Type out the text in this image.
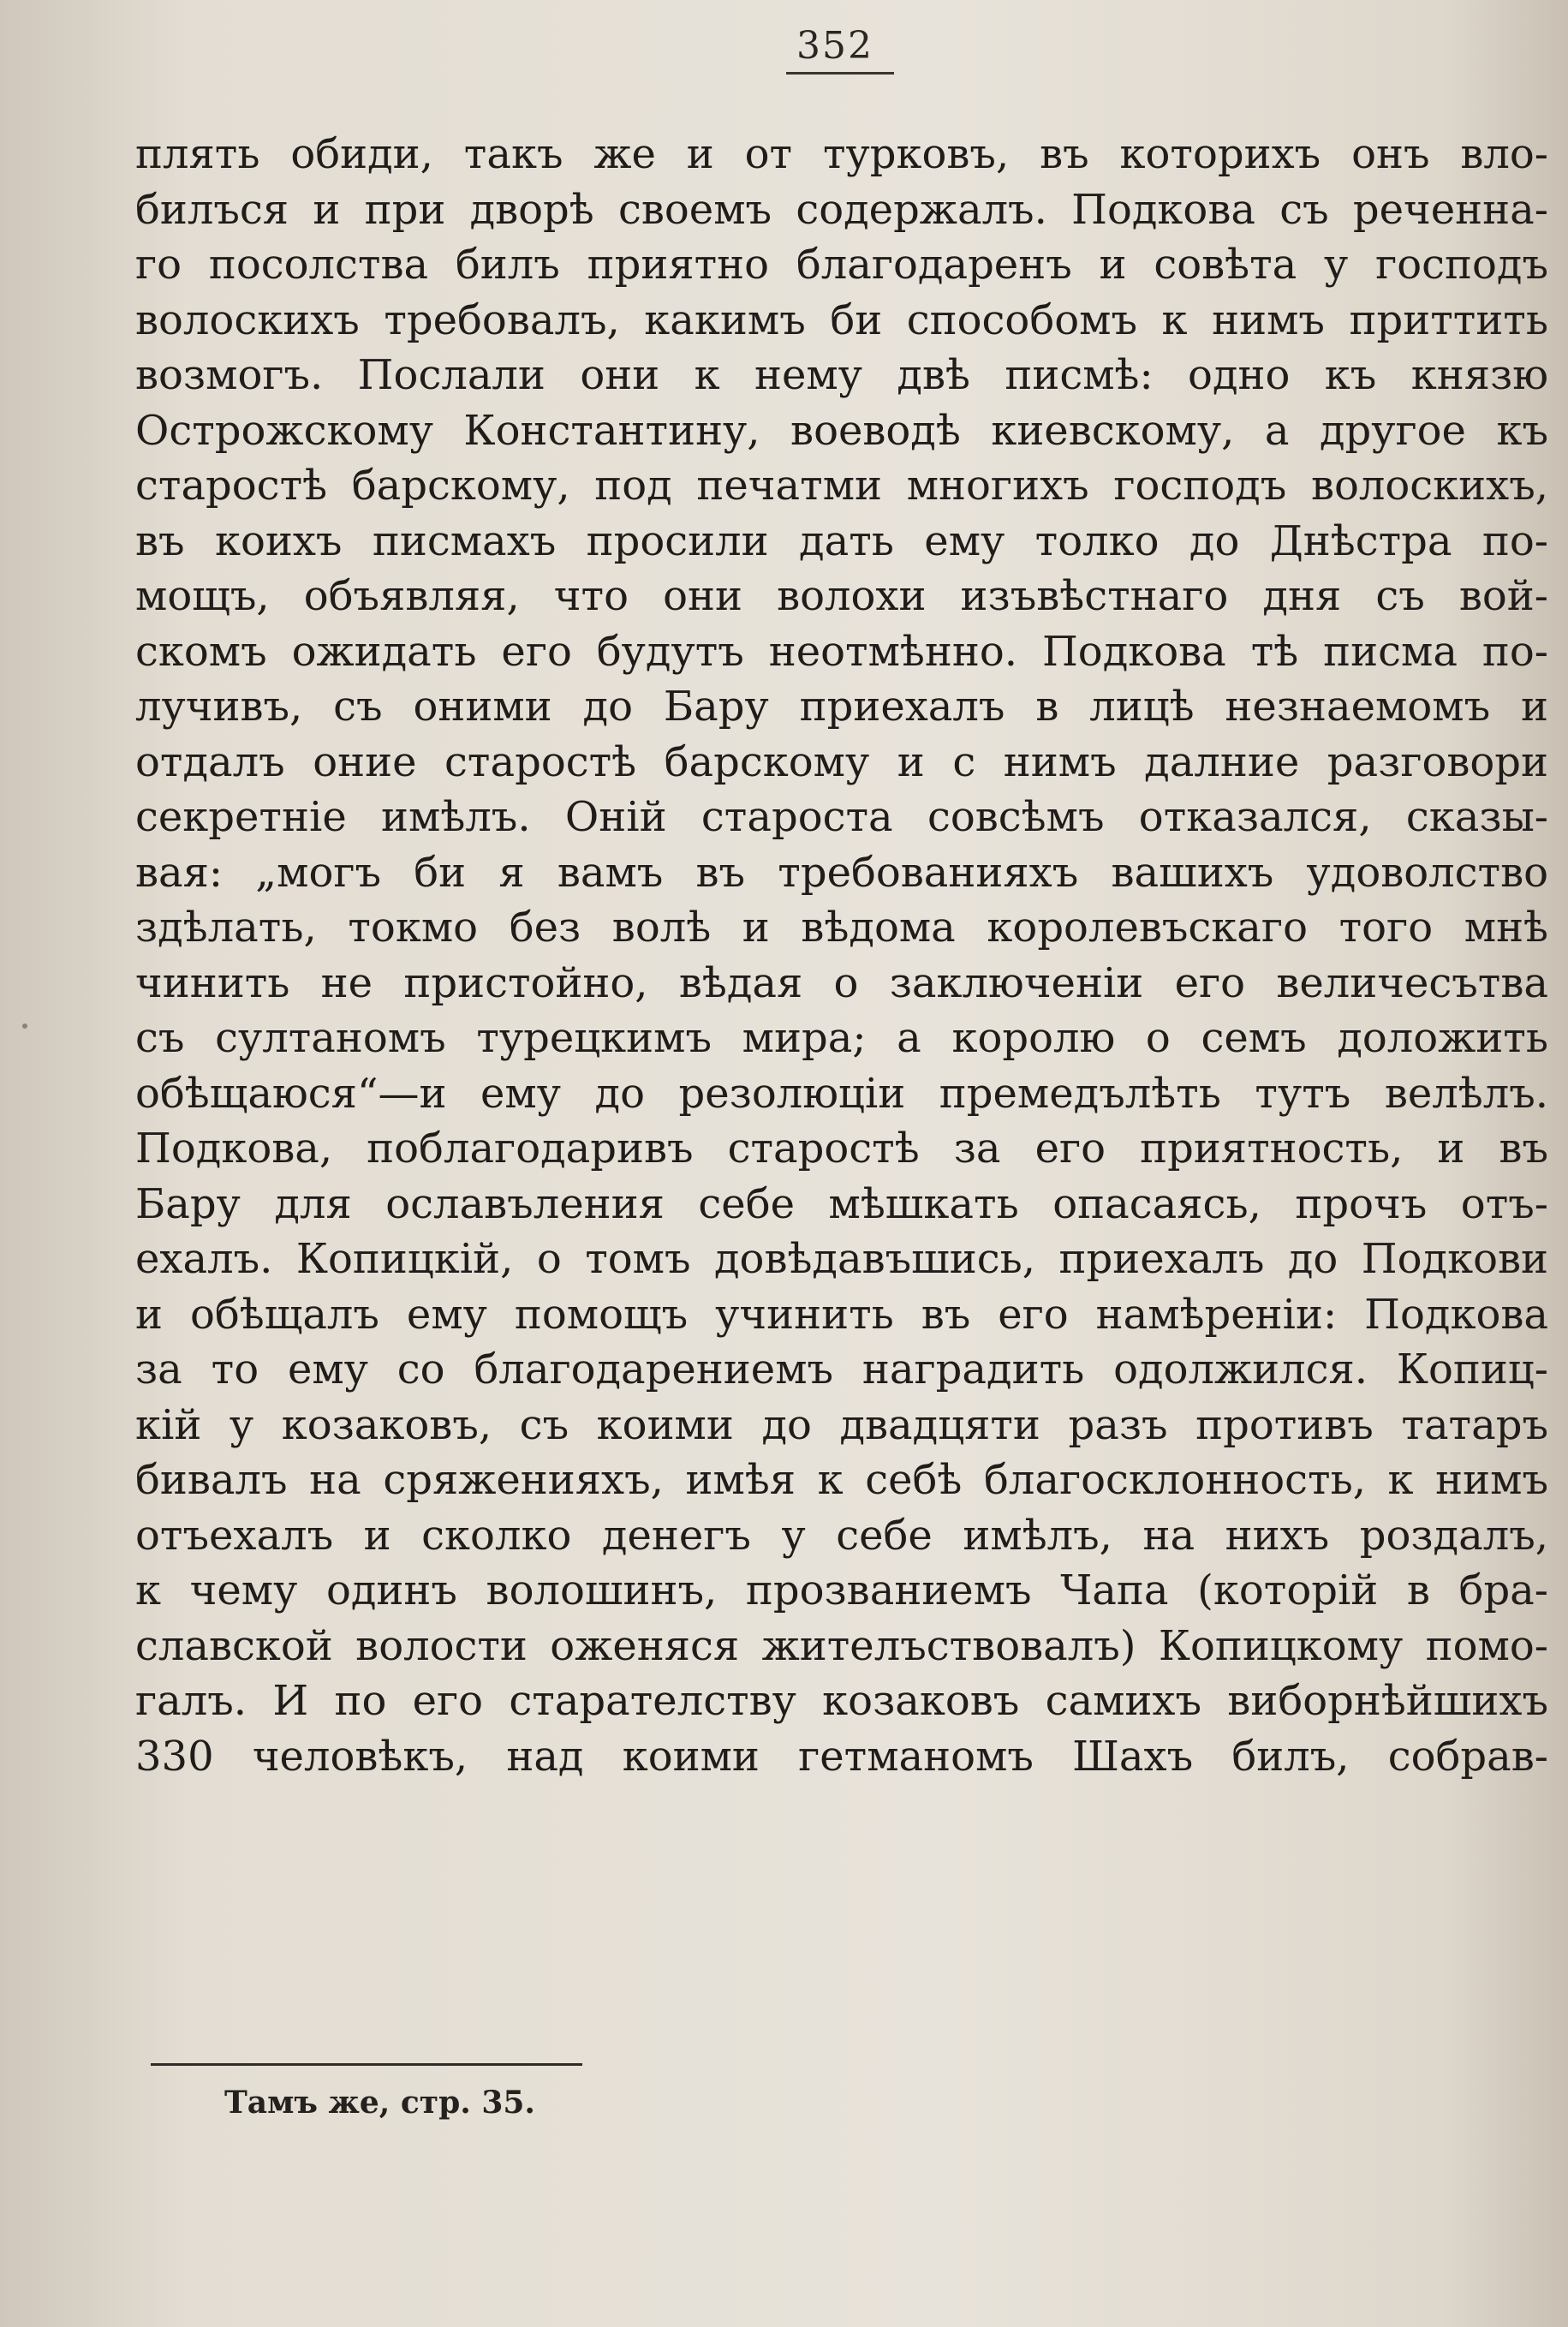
352
плять обиди, такъ же и от турковъ, въ которихъ онъ вло-
билъся и при дворѣ своемъ содержалъ. Подкова съ реченна-
го посолства билъ приятно благодаренъ и совѣта у господъ
волоскихъ требовалъ, какимъ би способомъ к нимъ приттить
возмогъ. Послали они к нему двѣ писмѣ: одно къ князю
Острожскому Константину, воеводѣ киевскому, а другое къ
старостѣ барскому, под печатми многихъ господъ волоскихъ,
въ коихъ писмахъ просили дать ему толко до Днѣстра по-
мощъ, объявляя, что они волохи изъвѣстнаго дня съ вой-
скомъ ожидать его будутъ неотмѣнно. Подкова тѣ писма по-
лучивъ, съ оними до Бару приехалъ в лицѣ незнаемомъ и
отдалъ оние старостѣ барскому и с нимъ далние разговори
секретніе имѣлъ. Оній староста совсѣмъ отказался, сказы-
вая: „могъ би я вамъ въ требованияхъ вашихъ удоволство
здѣлать, токмо без волѣ и вѣдома королевъскаго того мнѣ
чинить не пристойно, вѣдая о заключеніи его величесътва
съ султаномъ турецкимъ мира; а королю о семъ доложить
обѣщаюся“—и ему до резолюціи премедълѣть тутъ велѣлъ.
Подкова, поблагодаривъ старостѣ за его приятность, и въ
Бару для ославъления себе мѣшкать опасаясь, прочъ отъ-
ехалъ. Копицкій, о томъ довѣдавъшись, приехалъ до Подкови
и обѣщалъ ему помощъ учинить въ его намѣреніи: Подкова
за то ему со благодарениемъ наградить одолжился. Копиц-
кій у козаковъ, съ коими до двадцяти разъ противъ татаръ
бивалъ на сряженияхъ, имѣя к себѣ благосклонность, к нимъ
отъехалъ и сколко денегъ у себе имѣлъ, на нихъ роздалъ,
к чему одинъ волошинъ, прозваниемъ Чапа (которій в бра-
славской волости оженяся жителъствовалъ) Копицкому помо-
галъ. И по его старателству козаковъ самихъ виборнѣйшихъ
330 человѣкъ, над коими гетманомъ Шахъ билъ, собрав-
Тамъ же, стр. 35.
